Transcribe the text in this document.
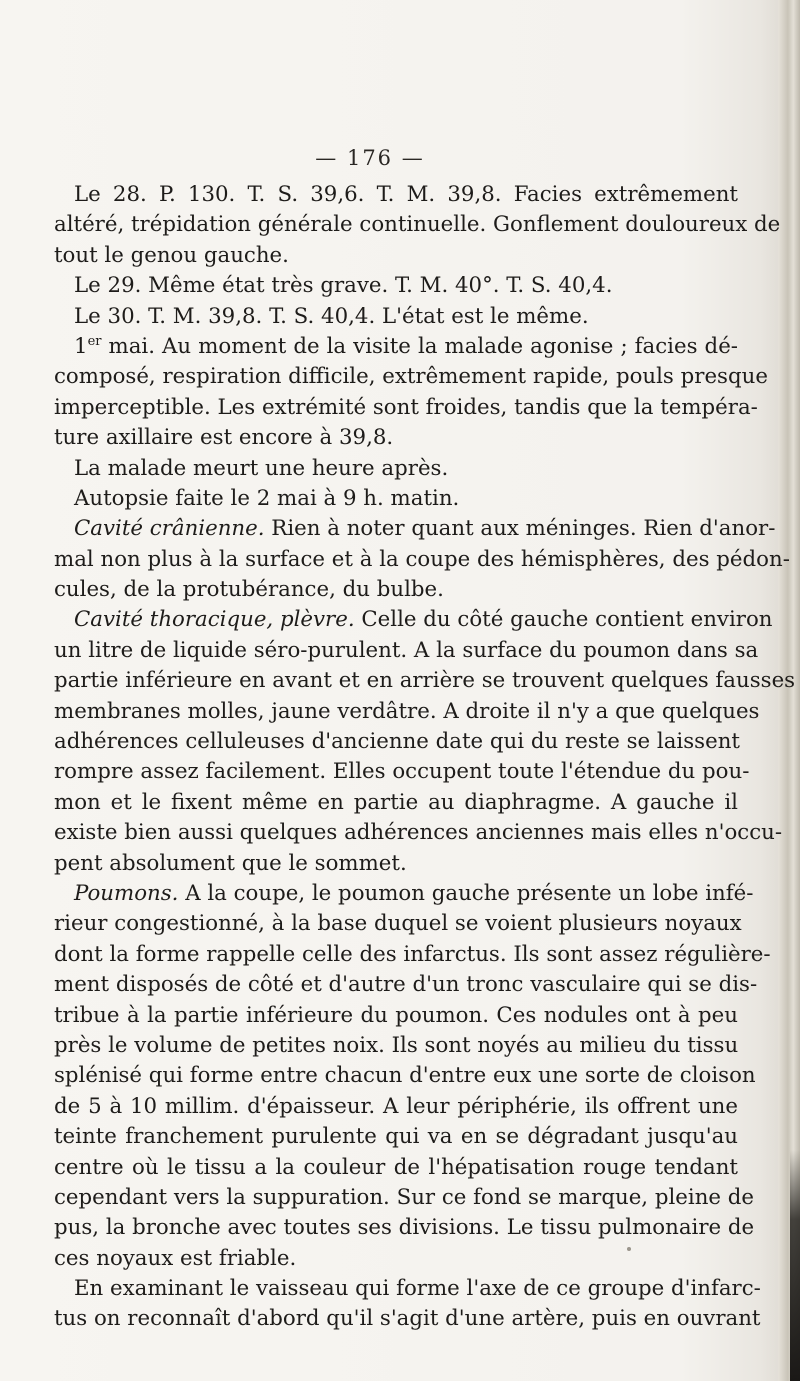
— 176 —
Le 28. P. 130. T. S. 39,6. T. M. 39,8. Facies extrêmement
altéré, trépidation générale continuelle. Gonflement douloureux de
tout le genou gauche.
Le 29. Même état très grave. T. M. 40°. T. S. 40,4.
Le 30. T. M. 39,8. T. S. 40,4. L'état est le même.
1er mai. Au moment de la visite la malade agonise ; facies dé-
composé, respiration difficile, extrêmement rapide, pouls presque
imperceptible. Les extrémité sont froides, tandis que la tempéra-
ture axillaire est encore à 39,8.
La malade meurt une heure après.
Autopsie faite le 2 mai à 9 h. matin.
Cavité crânienne. Rien à noter quant aux méninges. Rien d'anor-
mal non plus à la surface et à la coupe des hémisphères, des pédon-
cules, de la protubérance, du bulbe.
Cavité thoracique, plèvre. Celle du côté gauche contient environ
un litre de liquide séro-purulent. A la surface du poumon dans sa
partie inférieure en avant et en arrière se trouvent quelques fausses
membranes molles, jaune verdâtre. A droite il n'y a que quelques
adhérences celluleuses d'ancienne date qui du reste se laissent
rompre assez facilement. Elles occupent toute l'étendue du pou-
mon et le fixent même en partie au diaphragme. A gauche il
existe bien aussi quelques adhérences anciennes mais elles n'occu-
pent absolument que le sommet.
Poumons. A la coupe, le poumon gauche présente un lobe infé-
rieur congestionné, à la base duquel se voient plusieurs noyaux
dont la forme rappelle celle des infarctus. Ils sont assez régulière-
ment disposés de côté et d'autre d'un tronc vasculaire qui se dis-
tribue à la partie inférieure du poumon. Ces nodules ont à peu
près le volume de petites noix. Ils sont noyés au milieu du tissu
splénisé qui forme entre chacun d'entre eux une sorte de cloison
de 5 à 10 millim. d'épaisseur. A leur périphérie, ils offrent une
teinte franchement purulente qui va en se dégradant jusqu'au
centre où le tissu a la couleur de l'hépatisation rouge tendant
cependant vers la suppuration. Sur ce fond se marque, pleine de
pus, la bronche avec toutes ses divisions. Le tissu pulmonaire de
ces noyaux est friable.
En examinant le vaisseau qui forme l'axe de ce groupe d'infarc-
tus on reconnaît d'abord qu'il s'agit d'une artère, puis en ouvrant
